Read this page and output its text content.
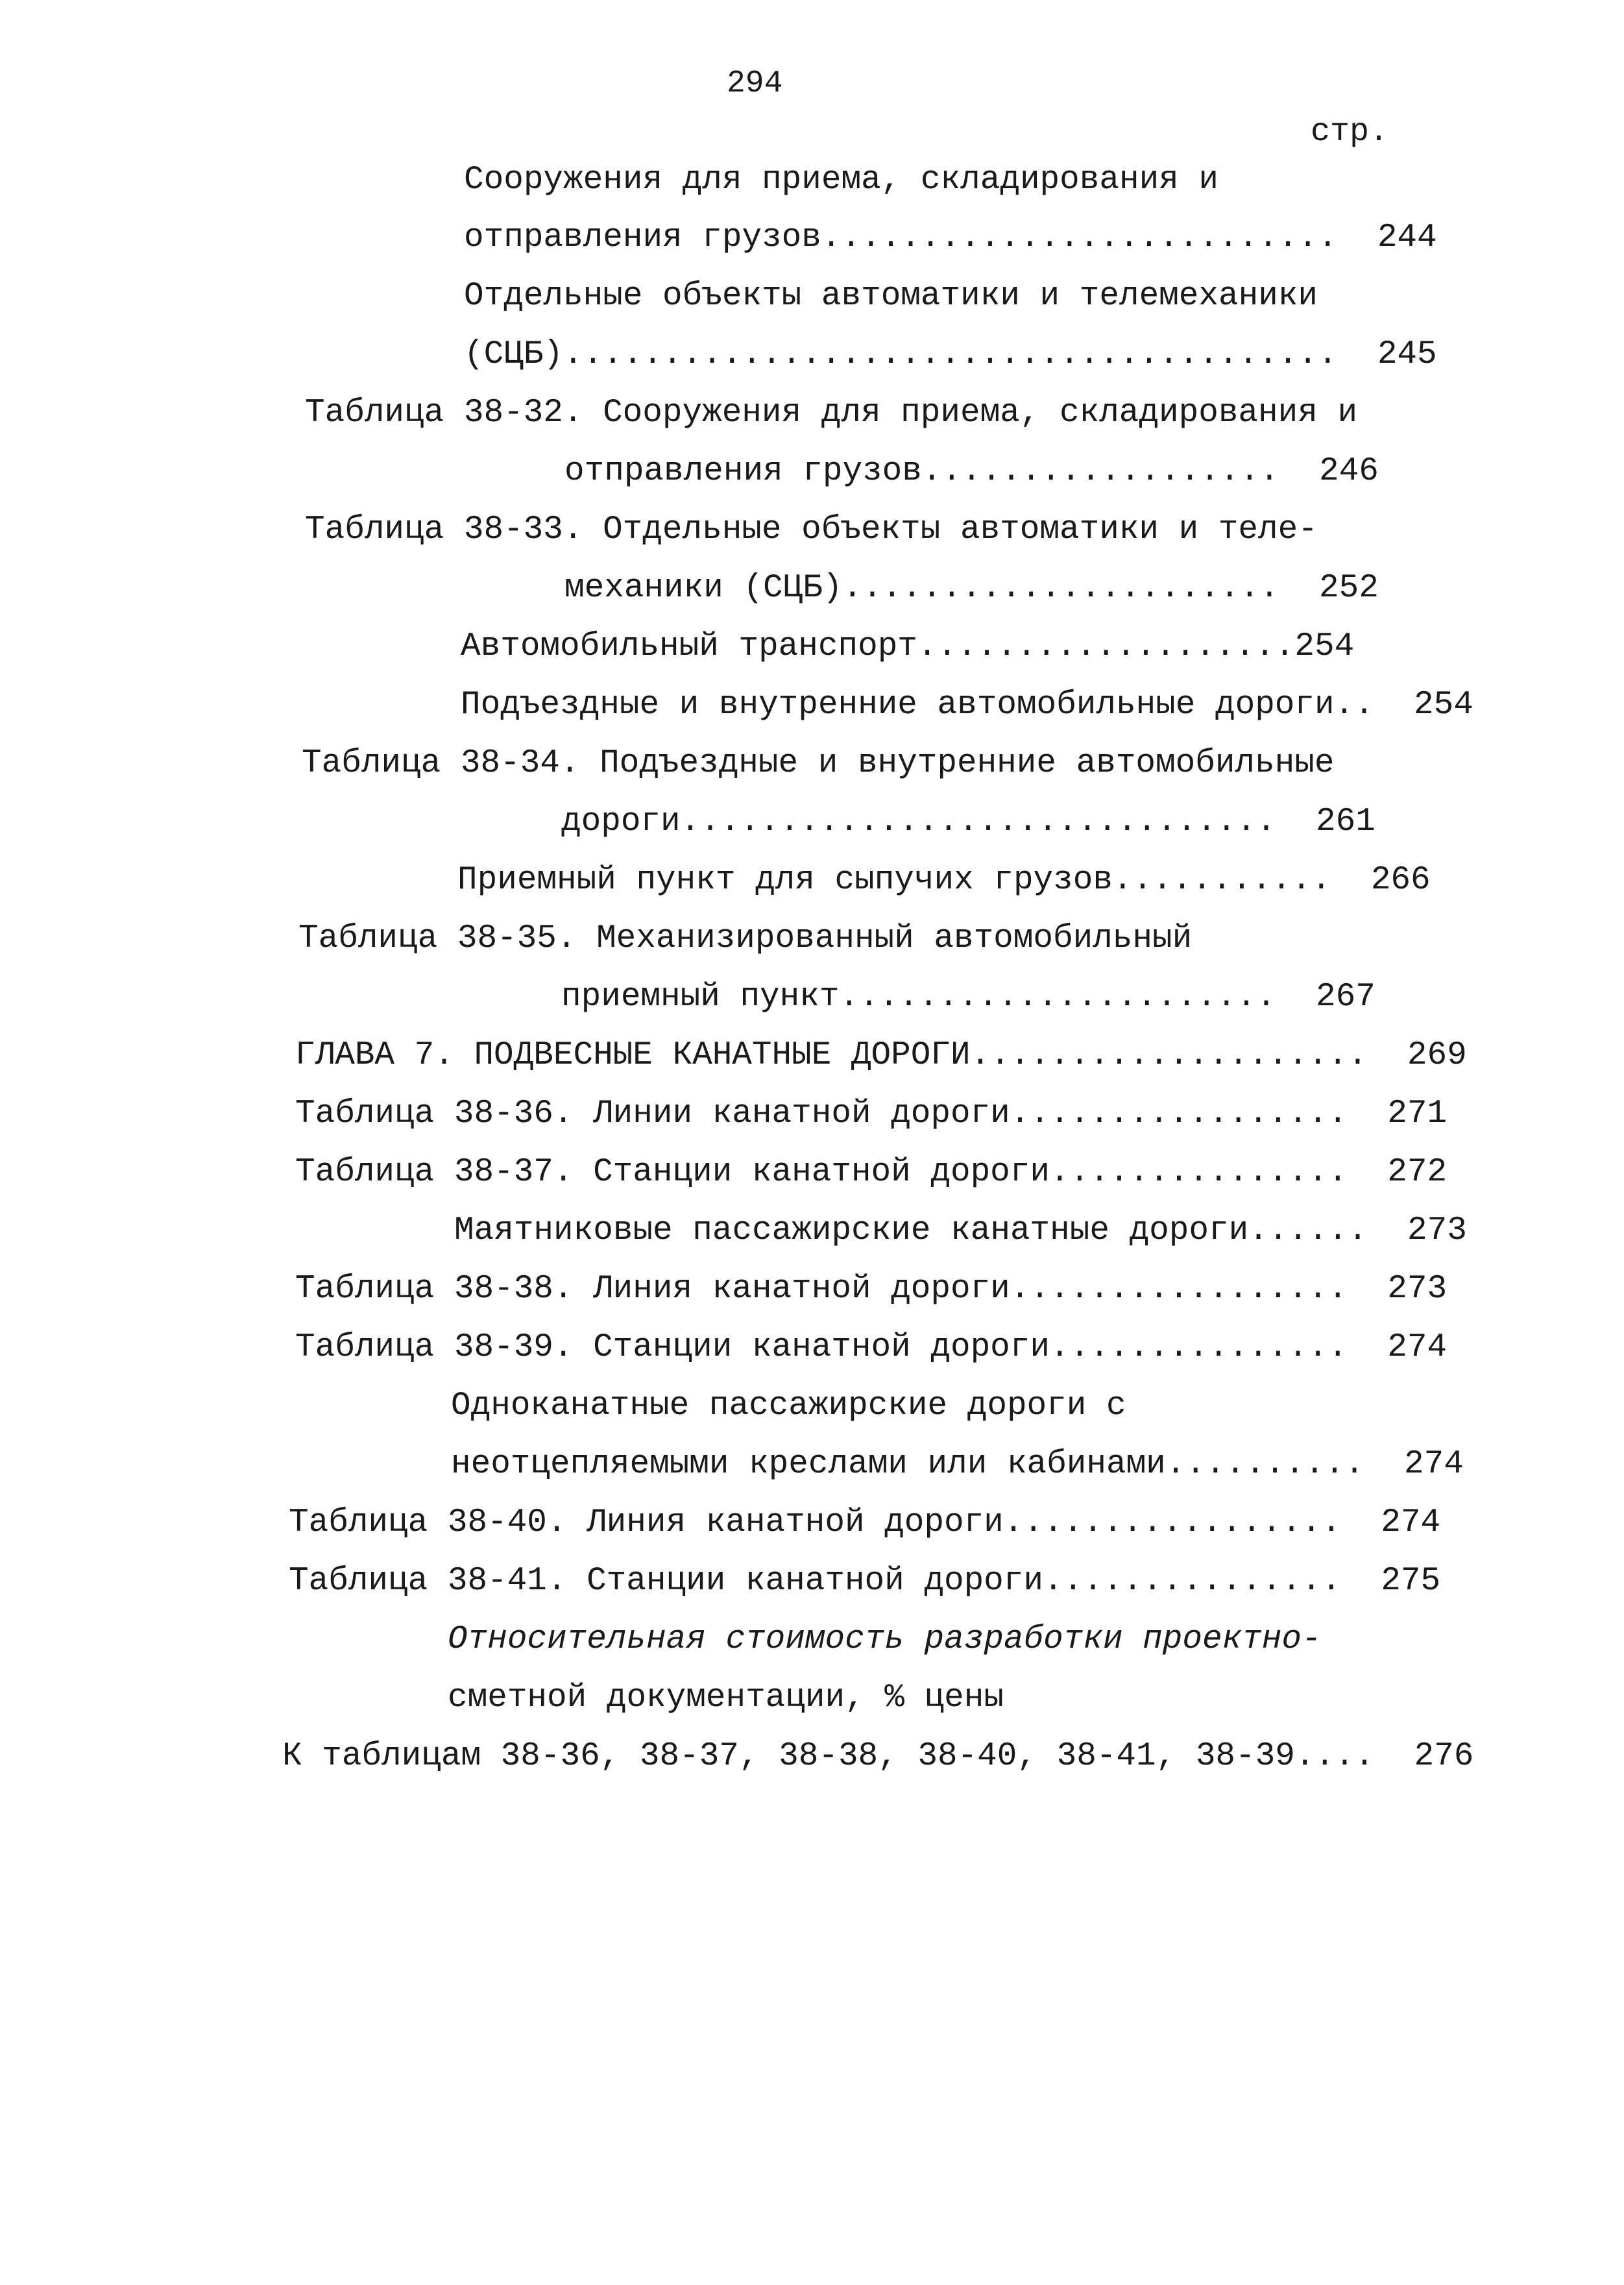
294
стр.
Сооружения для приема, складирования и
отправления грузов..........................  244
Отдельные объекты автоматики и телемеханики
(СЦБ).......................................  245
Таблица 38-32. Сооружения для приема, складирования и
отправления грузов..................  246
Таблица 38-33. Отдельные объекты автоматики и теле-
механики (СЦБ)......................  252
Автомобильный транспорт...................254
Подъездные и внутренние автомобильные дороги..  254
Таблица 38-34. Подъездные и внутренние автомобильные
дороги..............................  261
Приемный пункт для сыпучих грузов...........  266
Таблица 38-35. Механизированный автомобильный
приемный пункт......................  267
ГЛАВА 7. ПОДВЕСНЫЕ КАНАТНЫЕ ДОРОГИ....................  269
Таблица 38-36. Линии канатной дороги.................  271
Таблица 38-37. Станции канатной дороги...............  272
Маятниковые пассажирские канатные дороги......  273
Таблица 38-38. Линия канатной дороги.................  273
Таблица 38-39. Станции канатной дороги...............  274
Одноканатные пассажирские дороги с
неотцепляемыми креслами или кабинами..........  274
Таблица 38-40. Линия канатной дороги.................  274
Таблица 38-41. Станции канатной дороги...............  275
Относительная стоимость разработки проектно-
сметной документации, % цены
К таблицам 38-36, 38-37, 38-38, 38-40, 38-41, 38-39....  276
